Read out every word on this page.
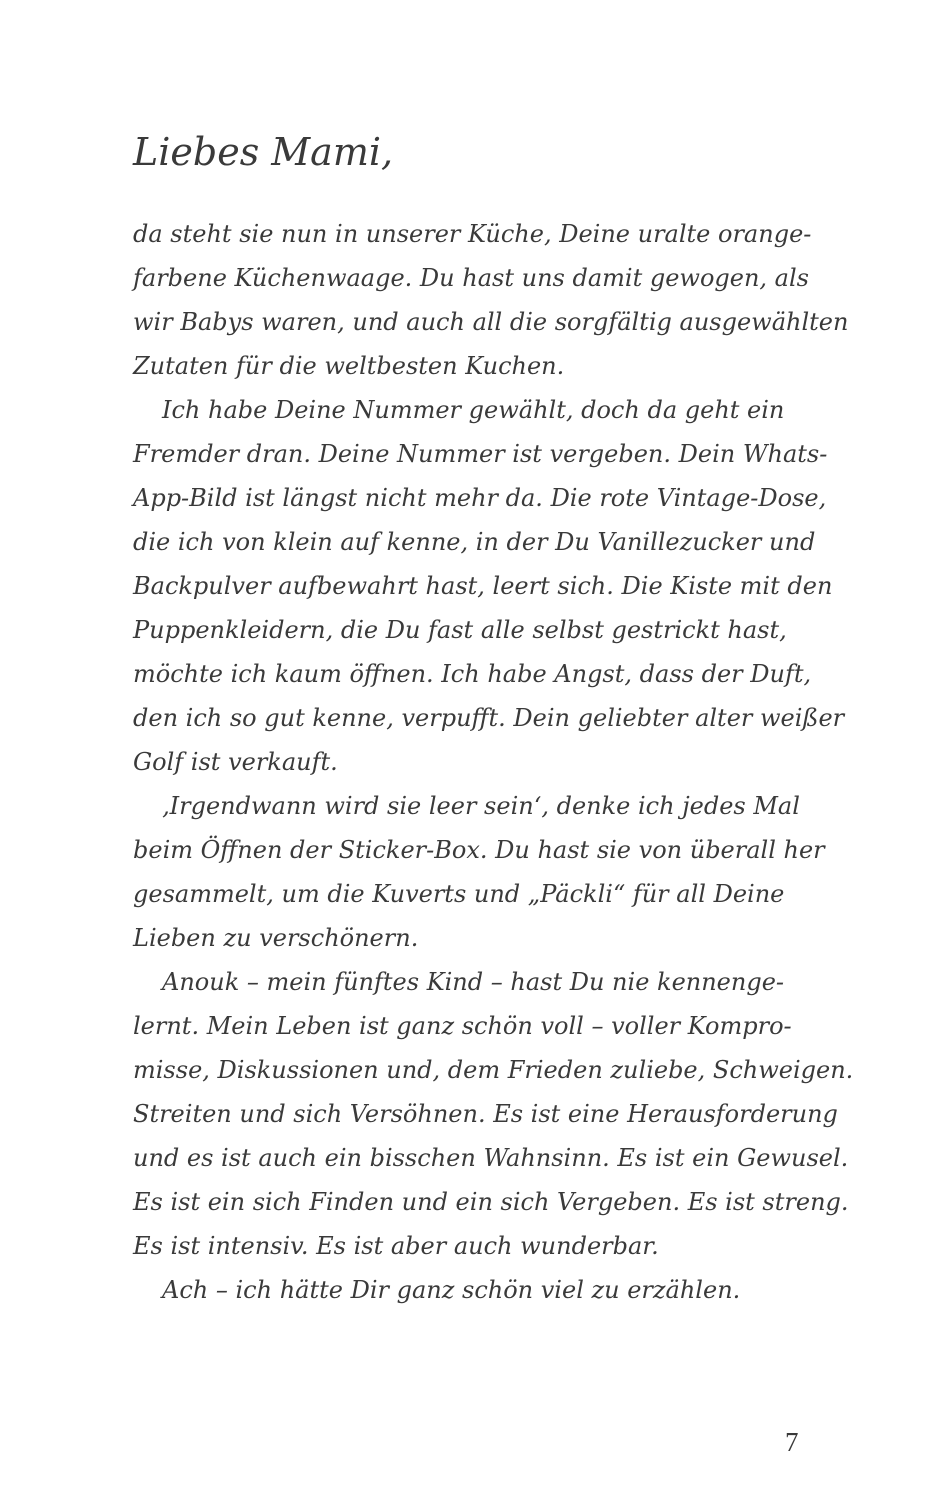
Liebes Mami,
da steht sie nun in unserer Küche, Deine uralte orange-
farbene Küchenwaage. Du hast uns damit gewogen, als
wir Babys waren, und auch all die sorgfältig ausgewählten
Zutaten für die weltbesten Kuchen.
Ich habe Deine Nummer gewählt, doch da geht ein
Fremder dran. Deine Nummer ist vergeben. Dein Whats-
App-Bild ist längst nicht mehr da. Die rote Vintage-Dose,
die ich von klein auf kenne, in der Du Vanillezucker und
Backpulver aufbewahrt hast, leert sich. Die Kiste mit den
Puppenkleidern, die Du fast alle selbst gestrickt hast,
möchte ich kaum öffnen. Ich habe Angst, dass der Duft,
den ich so gut kenne, verpufft. Dein geliebter alter weißer
Golf ist verkauft.
‚Irgendwann wird sie leer sein‘, denke ich jedes Mal
beim Öffnen der Sticker-Box. Du hast sie von überall her
gesammelt, um die Kuverts und „Päckli“ für all Deine
Lieben zu verschönern.
Anouk – mein fünftes Kind – hast Du nie kennenge-
lernt. Mein Leben ist ganz schön voll – voller Kompro-
misse, Diskussionen und, dem Frieden zuliebe, Schweigen.
Streiten und sich Versöhnen. Es ist eine Herausforderung
und es ist auch ein bisschen Wahnsinn. Es ist ein Gewusel.
Es ist ein sich Finden und ein sich Vergeben. Es ist streng.
Es ist intensiv. Es ist aber auch wunderbar.
Ach – ich hätte Dir ganz schön viel zu erzählen.
7
